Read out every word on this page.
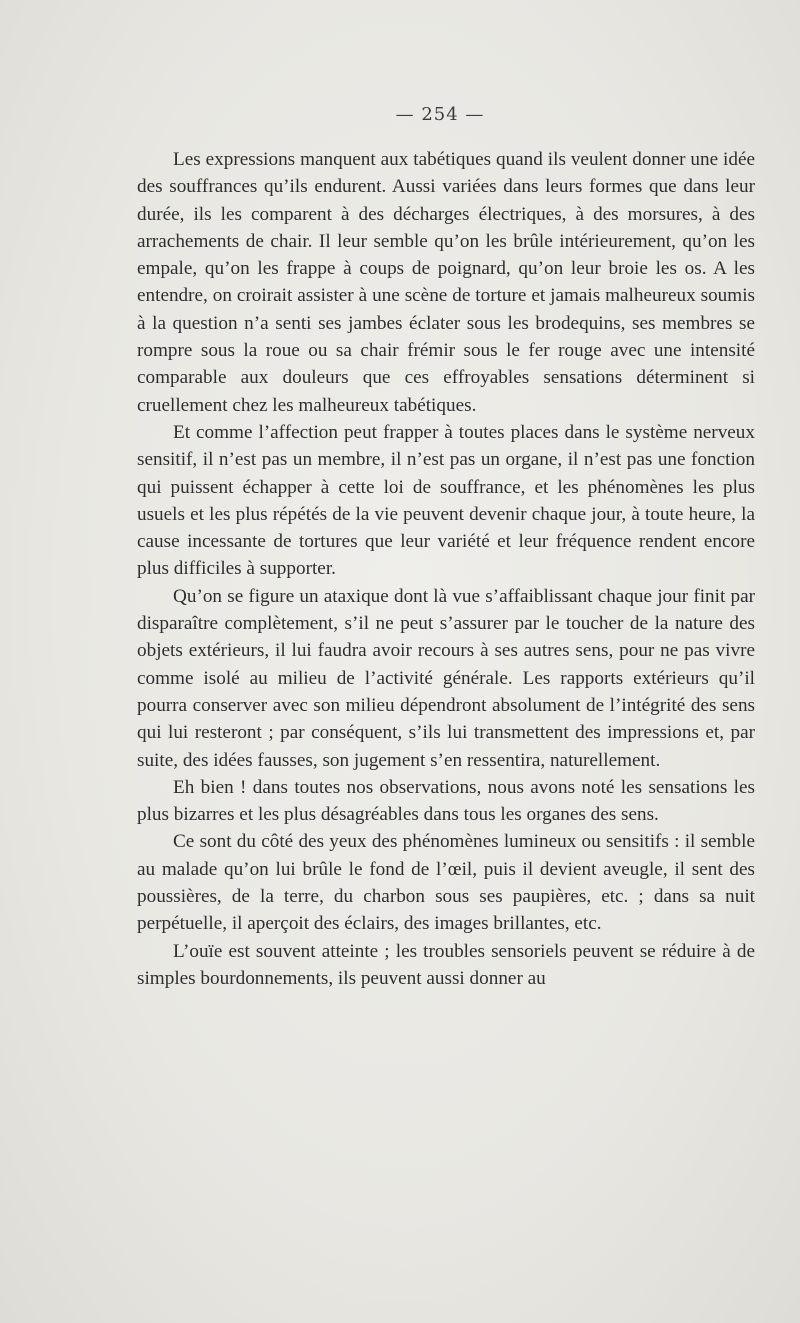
— 254 —

Les expressions manquent aux tabétiques quand ils veulent donner une idée des souffrances qu’ils endurent. Aussi variées dans leurs formes que dans leur durée, ils les comparent à des décharges électriques, à des morsures, à des arrachements de chair. Il leur semble qu’on les brûle intérieurement, qu’on les empale, qu’on les frappe à coups de poignard, qu’on leur broie les os. A les entendre, on croirait assister à une scène de torture et jamais malheureux soumis à la question n’a senti ses jambes éclater sous les brodequins, ses membres se rompre sous la roue ou sa chair frémir sous le fer rouge avec une intensité comparable aux douleurs que ces effroyables sensations déterminent si cruellement chez les malheureux tabétiques.

Et comme l’affection peut frapper à toutes places dans le système nerveux sensitif, il n’est pas un membre, il n’est pas un organe, il n’est pas une fonction qui puissent échapper à cette loi de souffrance, et les phénomènes les plus usuels et les plus répétés de la vie peuvent devenir chaque jour, à toute heure, la cause incessante de tortures que leur variété et leur fréquence rendent encore plus difficiles à supporter.

Qu’on se figure un ataxique dont là vue s’affaiblissant chaque jour finit par disparaître complètement, s’il ne peut s’assurer par le toucher de la nature des objets extérieurs, il lui faudra avoir recours à ses autres sens, pour ne pas vivre comme isolé au milieu de l’activité générale. Les rapports extérieurs qu’il pourra conserver avec son milieu dépendront absolument de l’intégrité des sens qui lui resteront ; par conséquent, s’ils lui transmettent des impressions et, par suite, des idées fausses, son jugement s’en ressentira, naturellement.

Eh bien ! dans toutes nos observations, nous avons noté les sensations les plus bizarres et les plus désagréables dans tous les organes des sens.

Ce sont du côté des yeux des phénomènes lumineux ou sensitifs : il semble au malade qu’on lui brûle le fond de l’œil, puis il devient aveugle, il sent des poussières, de la terre, du charbon sous ses paupières, etc. ; dans sa nuit perpétuelle, il aperçoit des éclairs, des images brillantes, etc.

L’ouïe est souvent atteinte ; les troubles sensoriels peuvent se réduire à de simples bourdonnements, ils peuvent aussi donner au
